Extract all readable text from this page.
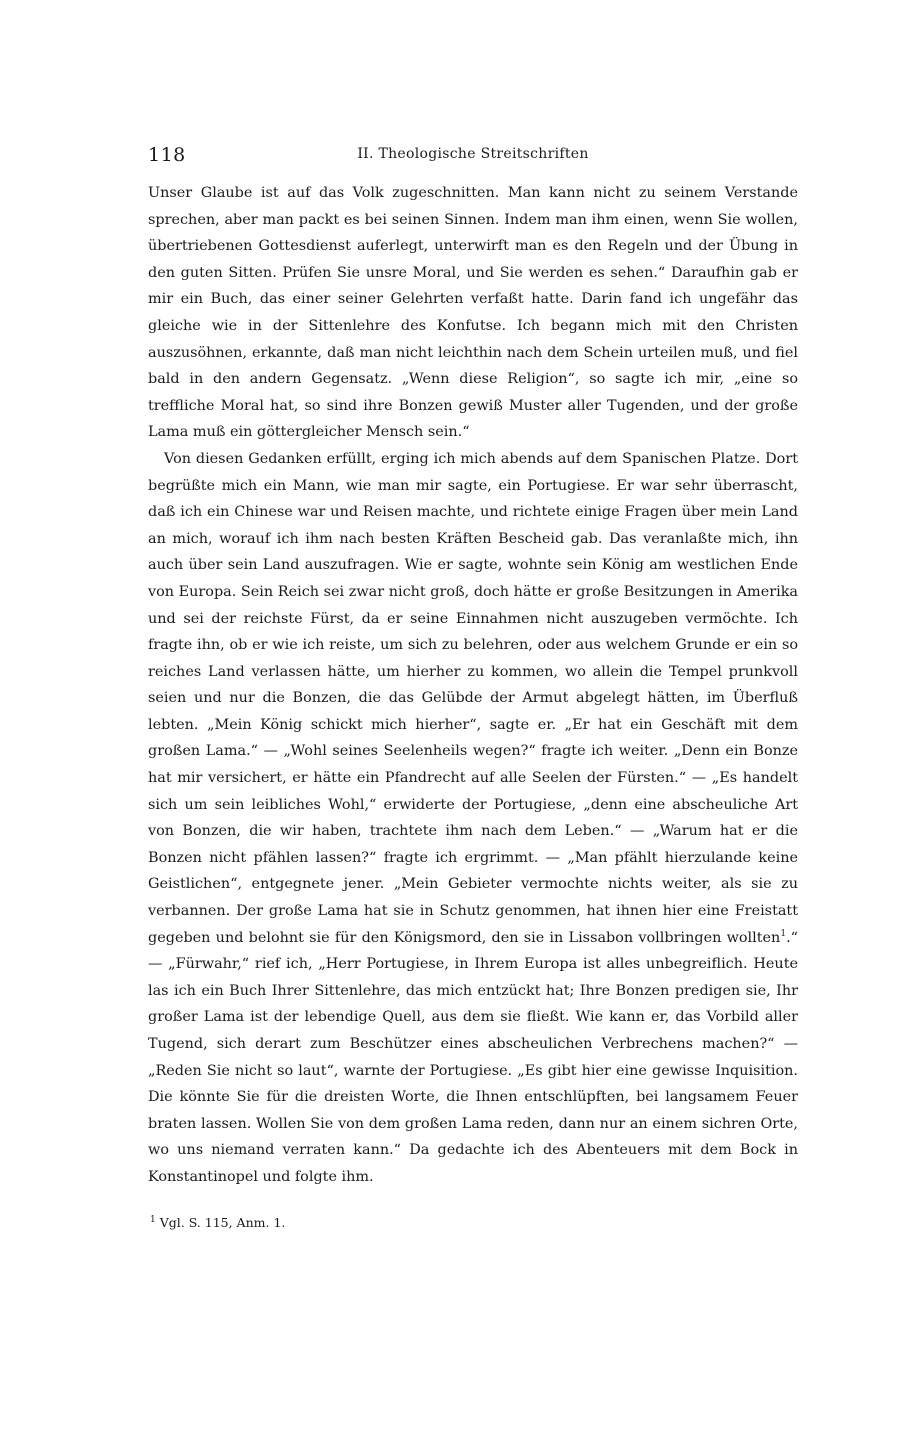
118	II. Theologische Streitschriften

Unser Glaube ist auf das Volk zugeschnitten. Man kann nicht zu seinem Verstande sprechen, aber man packt es bei seinen Sinnen. Indem man ihm einen, wenn Sie wollen, übertriebenen Gottesdienst auferlegt, unterwirft man es den Regeln und der Übung in den guten Sitten. Prüfen Sie unsre Moral, und Sie werden es sehen.“ Daraufhin gab er mir ein Buch, das einer seiner Gelehrten verfaßt hatte. Darin fand ich ungefähr das gleiche wie in der Sittenlehre des Konfutse. Ich begann mich mit den Christen auszusöhnen, erkannte, daß man nicht leichthin nach dem Schein urteilen muß, und fiel bald in den andern Gegensatz. „Wenn diese Religion“, so sagte ich mir, „eine so treffliche Moral hat, so sind ihre Bonzen gewiß Muster aller Tugenden, und der große Lama muß ein göttergleicher Mensch sein.“

Von diesen Gedanken erfüllt, erging ich mich abends auf dem Spanischen Platze. Dort begrüßte mich ein Mann, wie man mir sagte, ein Portugiese. Er war sehr überrascht, daß ich ein Chinese war und Reisen machte, und richtete einige Fragen über mein Land an mich, worauf ich ihm nach besten Kräften Bescheid gab. Das veranlaßte mich, ihn auch über sein Land auszufragen. Wie er sagte, wohnte sein König am westlichen Ende von Europa. Sein Reich sei zwar nicht groß, doch hätte er große Besitzungen in Amerika und sei der reichste Fürst, da er seine Einnahmen nicht auszugeben vermöchte. Ich fragte ihn, ob er wie ich reiste, um sich zu belehren, oder aus welchem Grunde er ein so reiches Land verlassen hätte, um hierher zu kommen, wo allein die Tempel prunkvoll seien und nur die Bonzen, die das Gelübde der Armut abgelegt hätten, im Überfluß lebten. „Mein König schickt mich hierher“, sagte er. „Er hat ein Geschäft mit dem großen Lama.“ — „Wohl seines Seelenheils wegen?“ fragte ich weiter. „Denn ein Bonze hat mir versichert, er hätte ein Pfandrecht auf alle Seelen der Fürsten.“ — „Es handelt sich um sein leibliches Wohl,“ erwiderte der Portugiese, „denn eine abscheuliche Art von Bonzen, die wir haben, trachtete ihm nach dem Leben.“ — „Warum hat er die Bonzen nicht pfählen lassen?“ fragte ich ergrimmt. — „Man pfählt hierzulande keine Geistlichen“, entgegnete jener. „Mein Gebieter vermochte nichts weiter, als sie zu verbannen. Der große Lama hat sie in Schutz genommen, hat ihnen hier eine Freistatt gegeben und belohnt sie für den Königsmord, den sie in Lissabon vollbringen wollten$^1$.“ — „Fürwahr,“ rief ich, „Herr Portugiese, in Ihrem Europa ist alles unbegreiflich. Heute las ich ein Buch Ihrer Sittenlehre, das mich entzückt hat; Ihre Bonzen predigen sie, Ihr großer Lama ist der lebendige Quell, aus dem sie fließt. Wie kann er, das Vorbild aller Tugend, sich derart zum Beschützer eines abscheulichen Verbrechens machen?“ — „Reden Sie nicht so laut“, warnte der Portugiese. „Es gibt hier eine gewisse Inquisition. Die könnte Sie für die dreisten Worte, die Ihnen entschlüpften, bei langsamem Feuer braten lassen. Wollen Sie von dem großen Lama reden, dann nur an einem sichren Orte, wo uns niemand verraten kann.“ Da gedachte ich des Abenteuers mit dem Bock in Konstantinopel und folgte ihm.

$^1$ Vgl. S. 115, Anm. 1.
